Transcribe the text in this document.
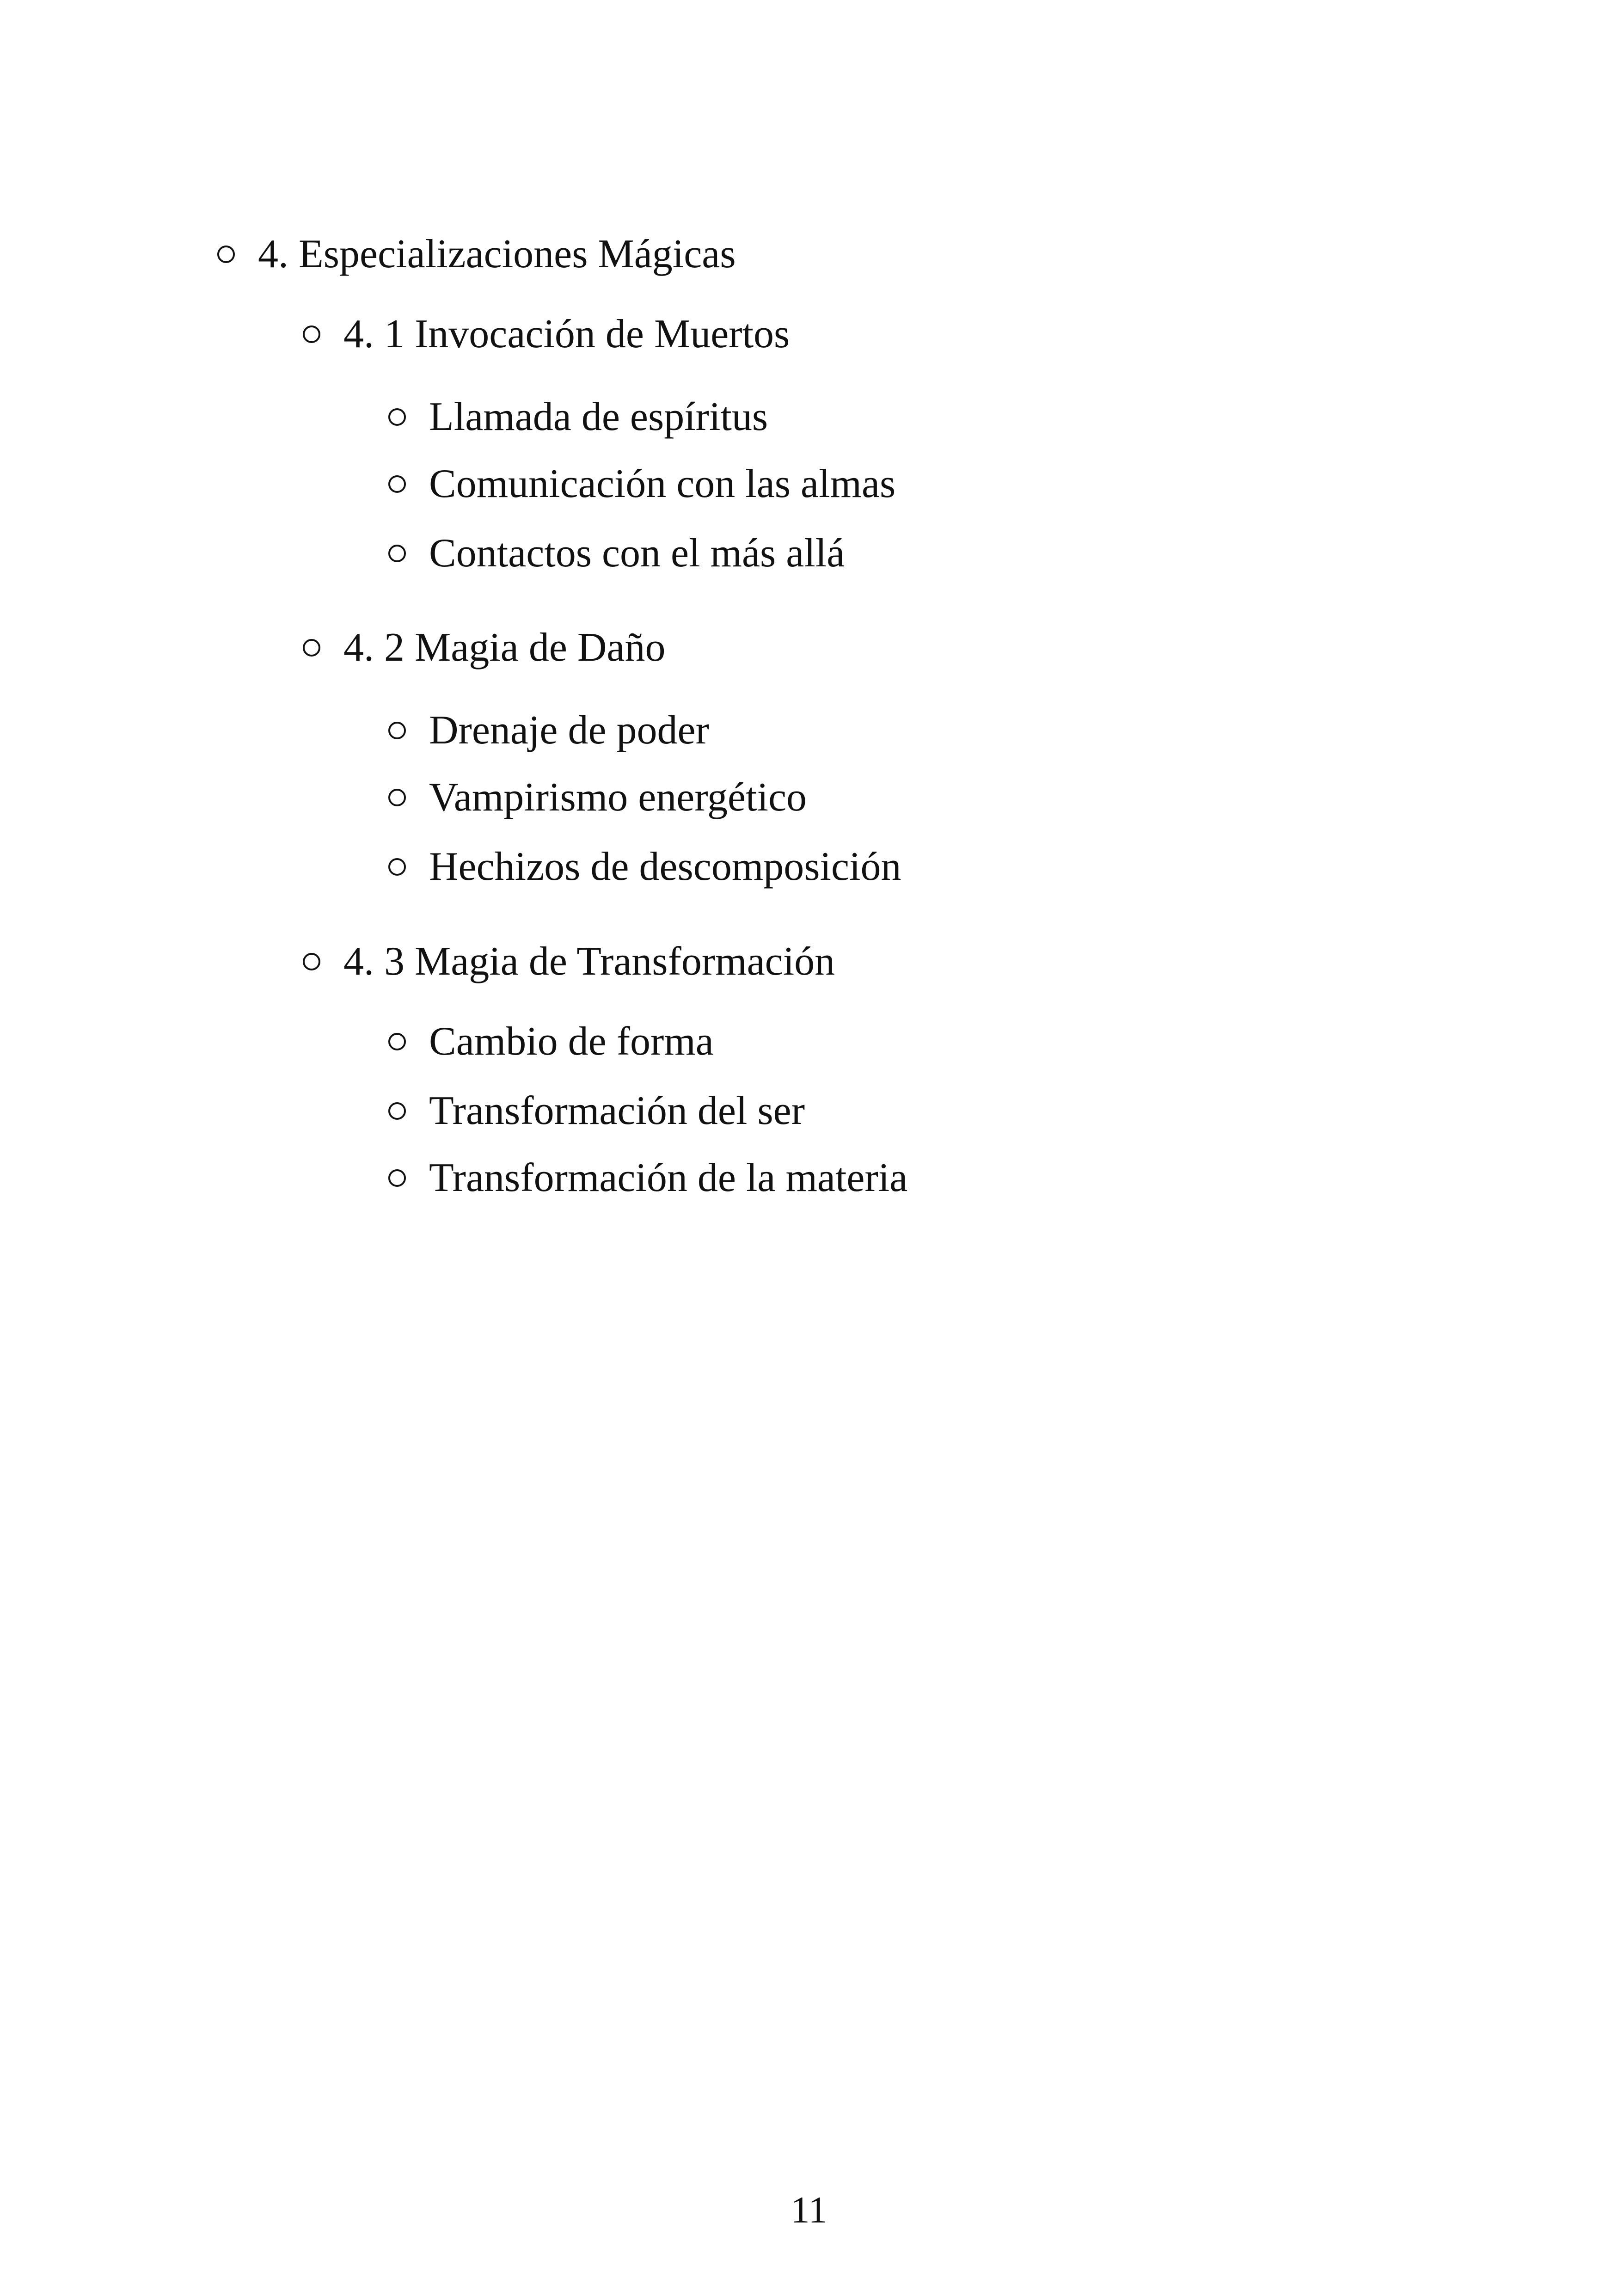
4. Especializaciones Mágicas
4. 1 Invocación de Muertos
Llamada de espíritus
Comunicación con las almas
Contactos con el más allá
4. 2 Magia de Daño
Drenaje de poder
Vampirismo energético
Hechizos de descomposición
4. 3 Magia de Transformación
Cambio de forma
Transformación del ser
Transformación de la materia
11
